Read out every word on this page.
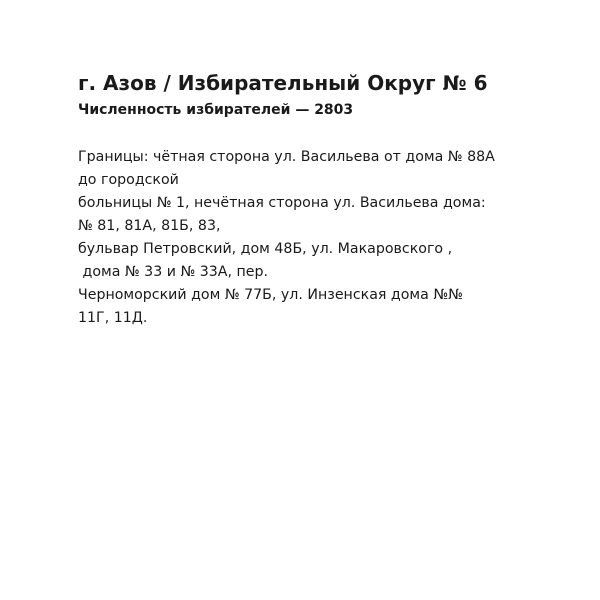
г. Азов / Избирательный Округ № 6
Численность избирателей — 2803
Границы: чётная сторона ул. Васильева от дома № 88А
до городской
больницы № 1, нечётная сторона ул. Васильева дома:
№ 81, 81А, 81Б, 83,
бульвар Петровский, дом 48Б, ул. Макаровского ,
дома № 33 и № 33А, пер.
Черноморский дом № 77Б, ул. Инзенская дома №№
11Г, 11Д.
